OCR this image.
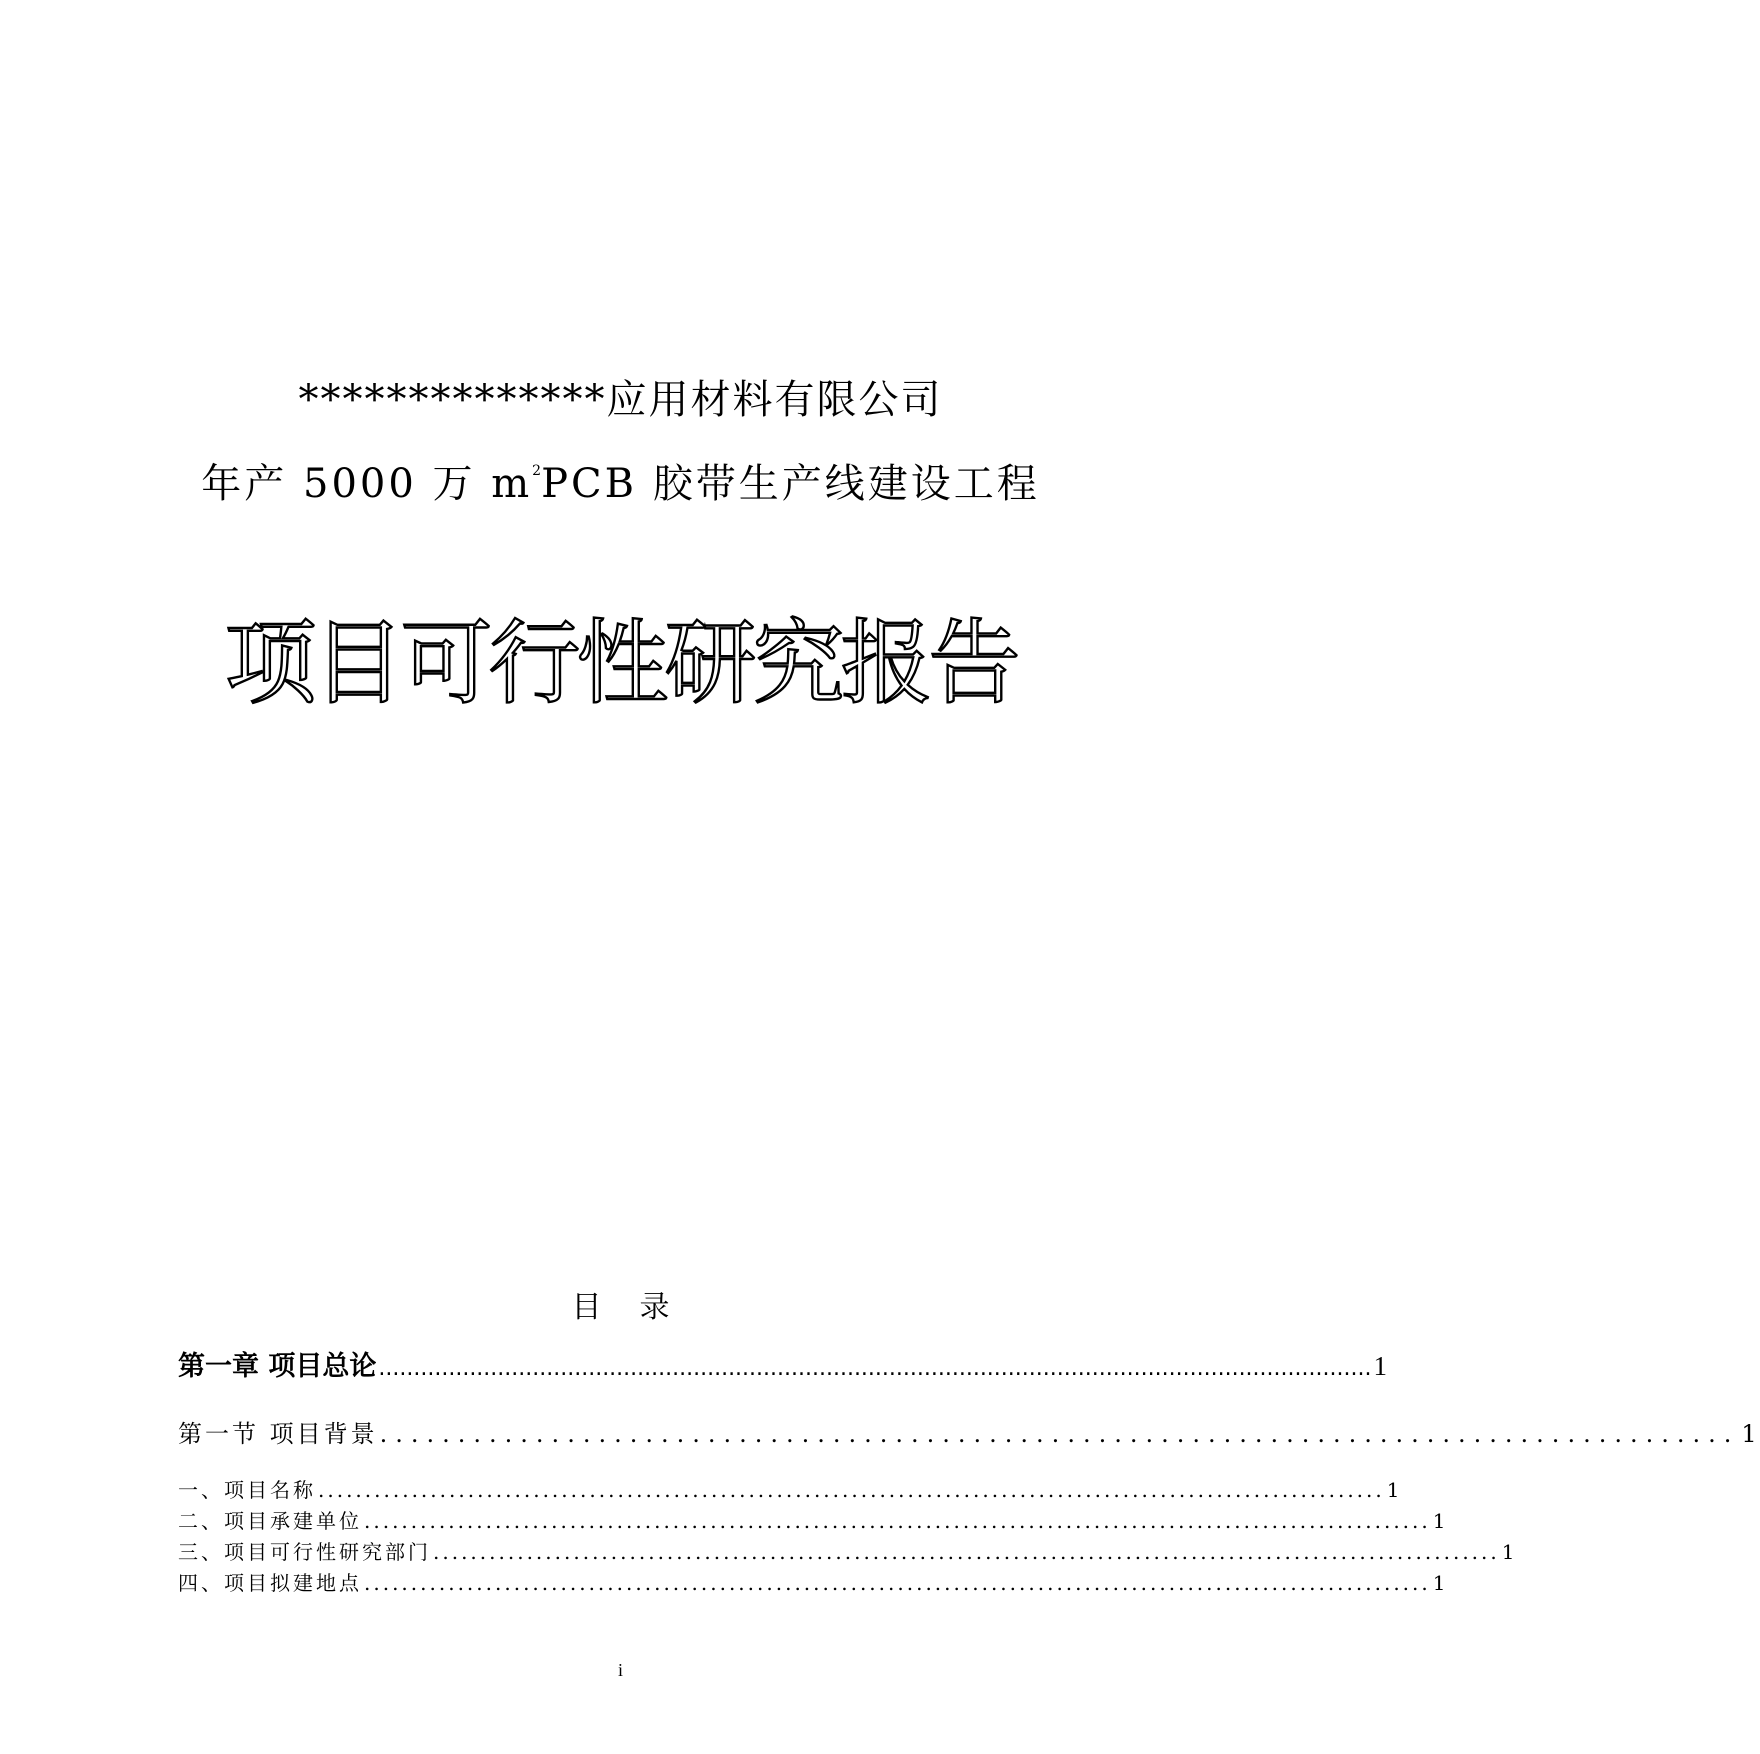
**************应用材料有限公司
年产 5000 万 $m^2PCB$ 胶带生产线建设工程
项目可行性研究报告
目 录
第一章 项目总论 .............................................................................................................................................. 1
第一节 项目背景 ....................................................................................... 1
一、项目名称 .................................................................................................................. 1
二、项目承建单位 .................................................................................................................. 1
三、项目可行性研究部门 .................................................................................................................. 1
四、项目拟建地点 .................................................................................................................. 1
i
